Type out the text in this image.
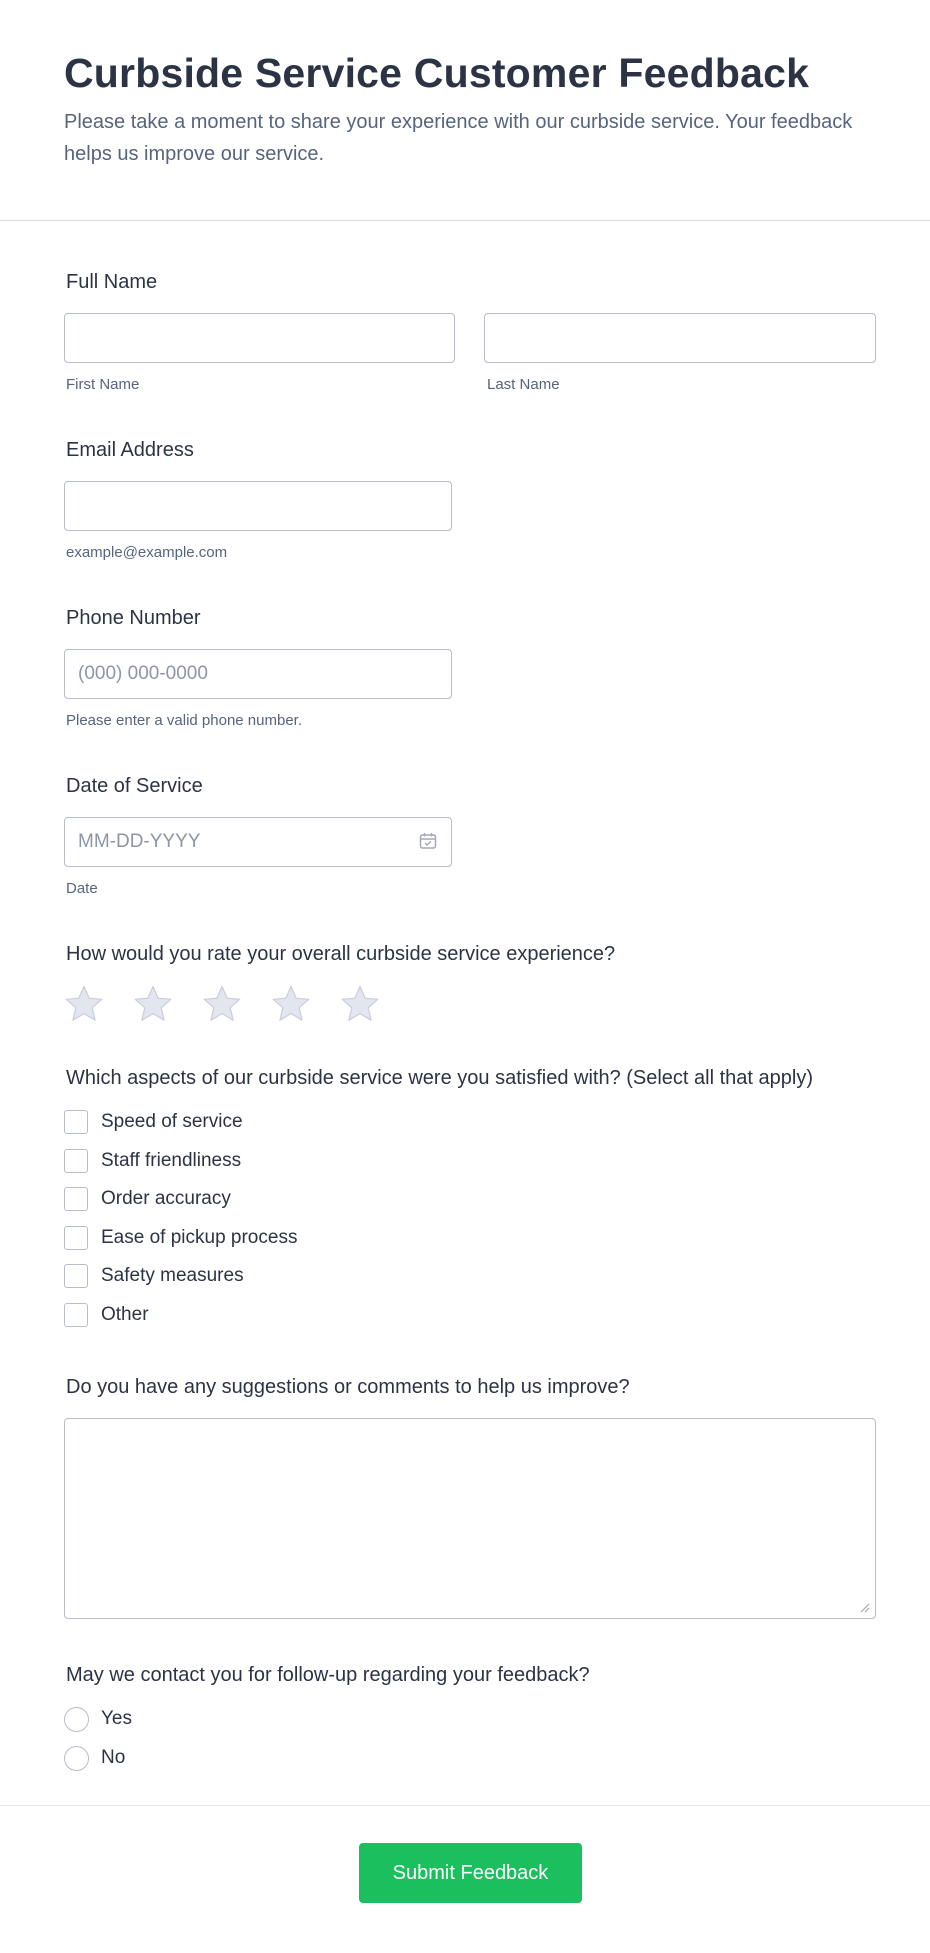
Curbside Service Customer Feedback

Please take a moment to share your experience with our curbside service. Your feedback helps us improve our service.

Full Name
First Name	Last Name
Email Address
example@example.com
Phone Number
(000) 000-0000
Please enter a valid phone number.
Date of Service
MM-DD-YYYY
Date
How would you rate your overall curbside service experience?
Which aspects of our curbside service were you satisfied with? (Select all that apply)
Speed of service
Staff friendliness
Order accuracy
Ease of pickup process
Safety measures
Other
Do you have any suggestions or comments to help us improve?
May we contact you for follow-up regarding your feedback?
Yes
No
Submit Feedback
